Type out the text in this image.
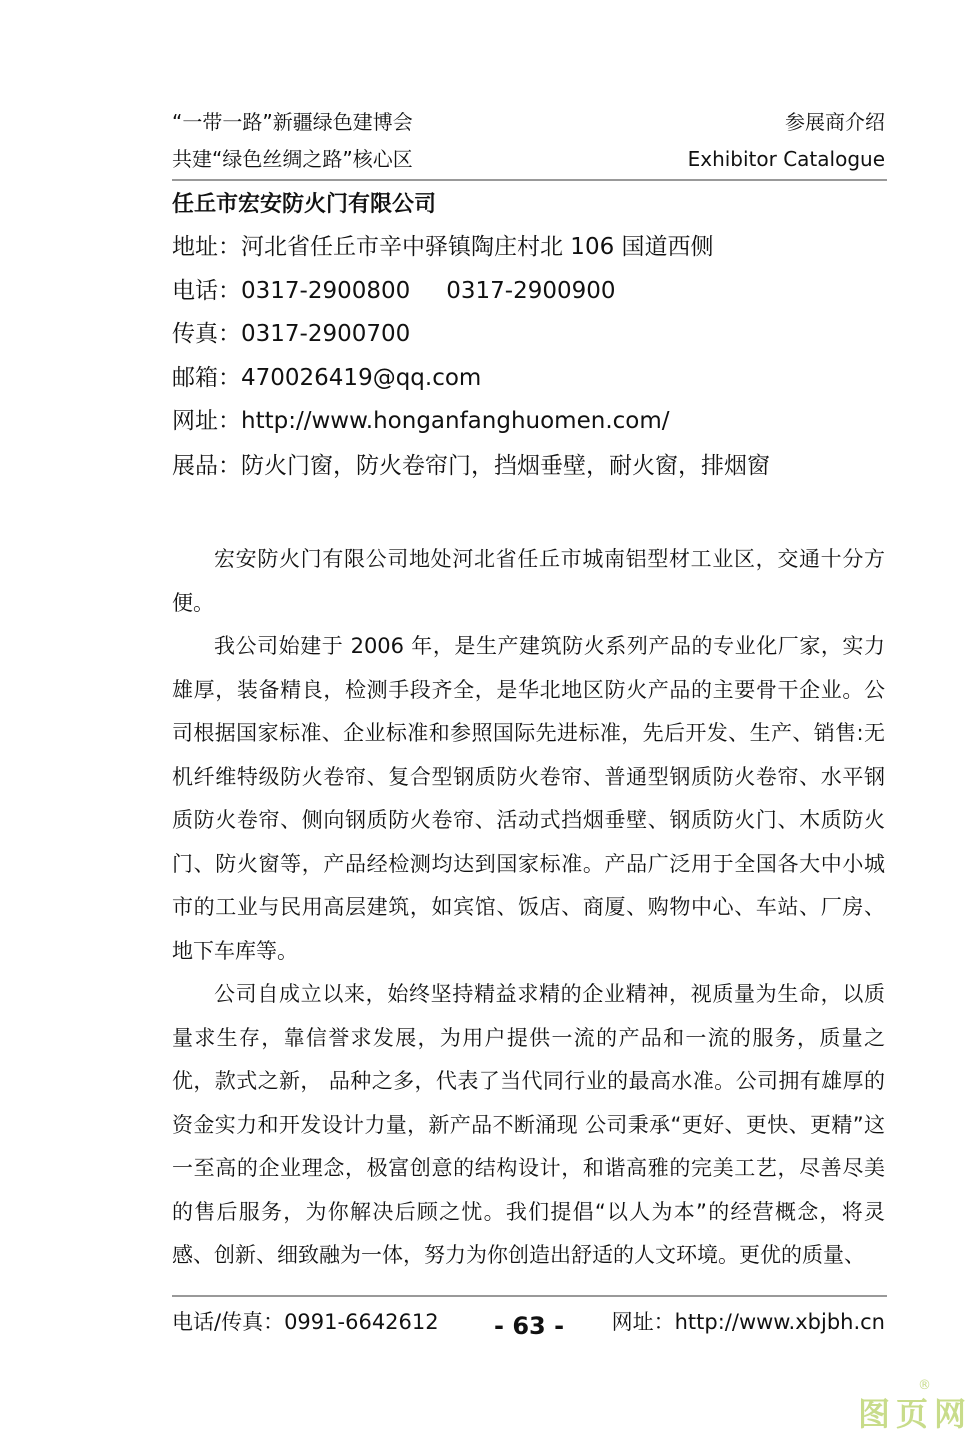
“一带一路”新疆绿色建博会	参展商介绍
共建“绿色丝绸之路”核心区	Exhibitor Catalogue
任丘市宏安防火门有限公司
地址：河北省任丘市辛中驿镇陶庄村北 106 国道西侧
电话：0317-2900800 0317-2900900
传真：0317-2900700
邮箱：470026419@qq.com
网址：http://www.honganfanghuomen.com/
展品：防火门窗，防火卷帘门，挡烟垂壁，耐火窗，排烟窗

宏安防火门有限公司地处河北省任丘市城南铝型材工业区，交通十分方便。

我公司始建于 2006 年，是生产建筑防火系列产品的专业化厂家，实力雄厚，装备精良，检测手段齐全，是华北地区防火产品的主要骨干企业。公司根据国家标准、企业标准和参照国际先进标准，先后开发、生产、销售:无机纤维特级防火卷帘、复合型钢质防火卷帘、普通型钢质防火卷帘、水平钢质防火卷帘、侧向钢质防火卷帘、活动式挡烟垂壁、钢质防火门、木质防火门、防火窗等，产品经检测均达到国家标准。产品广泛用于全国各大中小城市的工业与民用高层建筑，如宾馆、饭店、商厦、购物中心、车站、厂房、地下车库等。

公司自成立以来，始终坚持精益求精的企业精神，视质量为生命，以质量求生存，靠信誉求发展，为用户提供一流的产品和一流的服务，质量之优，款式之新， 品种之多，代表了当代同行业的最高水准。公司拥有雄厚的资金实力和开发设计力量，新产品不断涌现 公司秉承“更好、更快、更精”这一至高的企业理念，极富创意的结构设计，和谐高雅的完美工艺，尽善尽美的售后服务，为你解决后顾之忧。我们提倡“以人为本”的经营概念，将灵感、创新、细致融为一体，努力为你创造出舒适的人文环境。更优的质量、

电话/传真：0991-6642612 - 63 - 网址：http://www.xbjbh.cn
图页网
®
